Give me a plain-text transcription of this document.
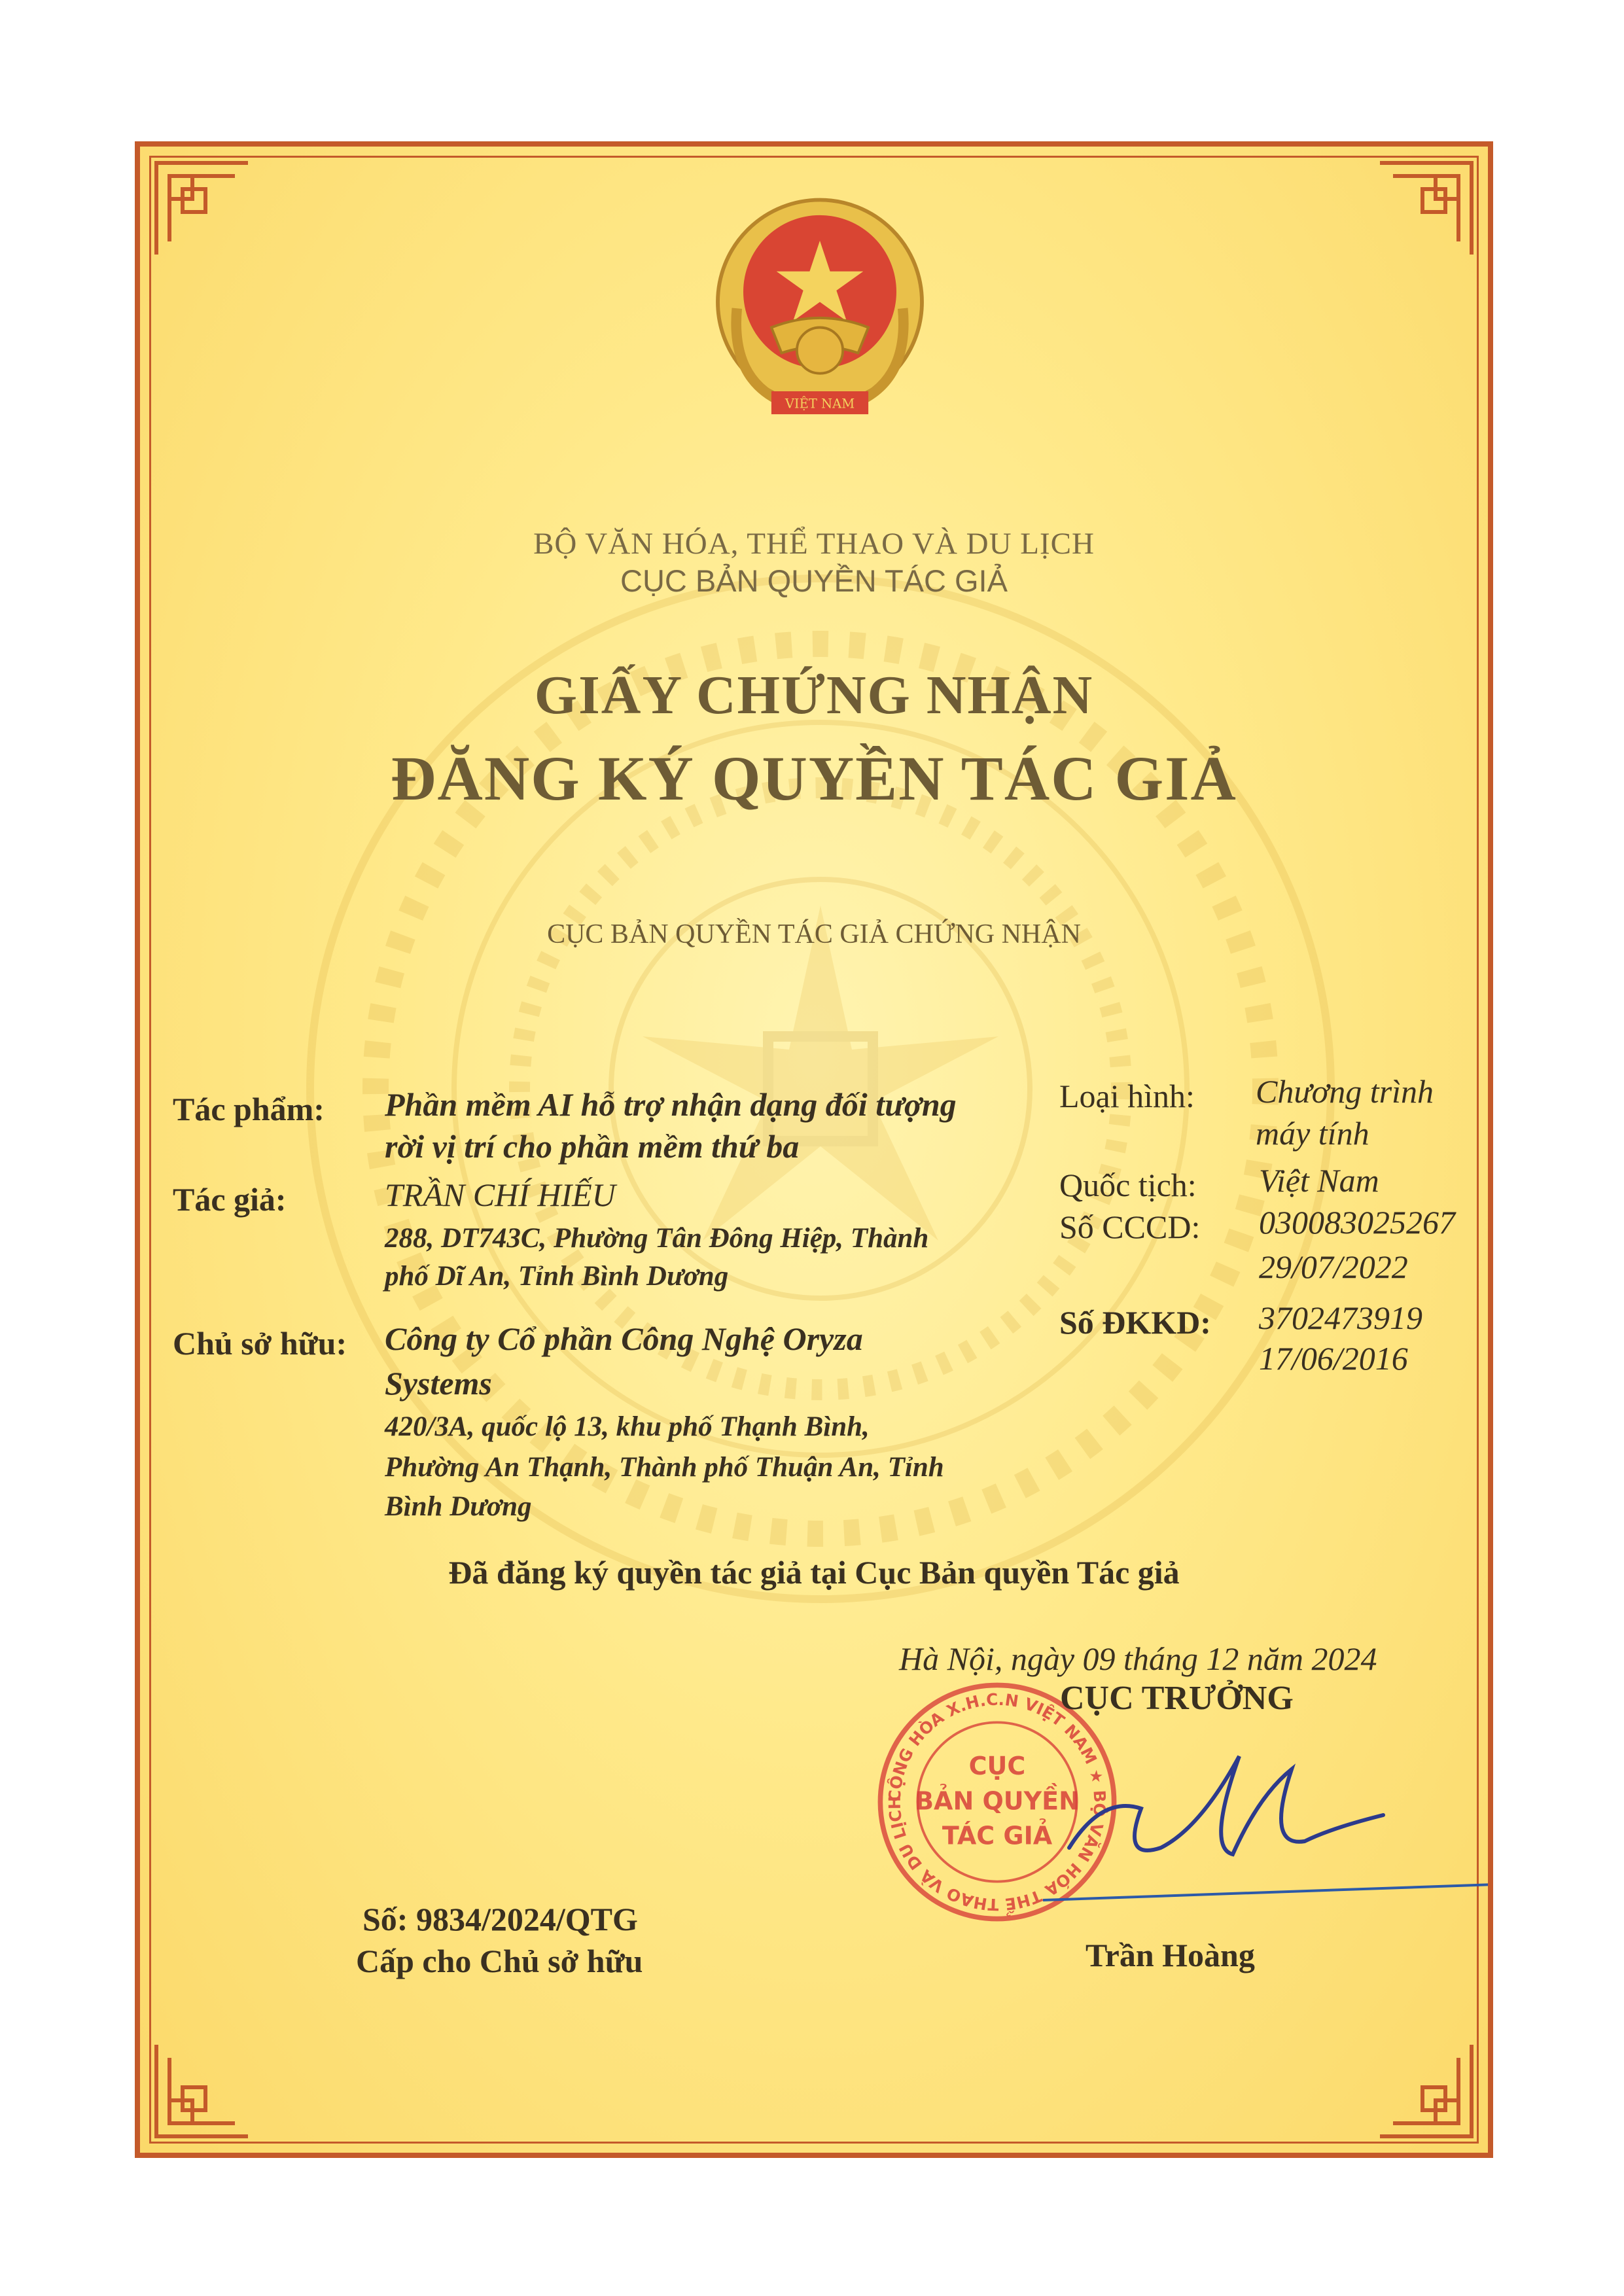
VIỆT NAM
BỘ VĂN HÓA, THỂ THAO VÀ DU LỊCH
CỤC BẢN QUYỀN TÁC GIẢ
GIẤY CHỨNG NHẬN
ĐĂNG KÝ QUYỀN TÁC GIẢ
CỤC BẢN QUYỀN TÁC GIẢ CHỨNG NHẬN
Tác phẩm: Phần mềm AI hỗ trợ nhận dạng đối tượng
rời vị trí cho phần mềm thứ ba
Loại hình: Chương trình
máy tính
Tác giả:	TRẦN CHÍ HIẾU
288, DT743C, Phường Tân Đông Hiệp, Thành
phố Dĩ An, Tỉnh Bình Dương
Quốc tịch: Việt Nam
Số CCCD: 030083025267
29/07/2022
Chủ sở hữu: Công ty Cổ phần Công Nghệ Oryza
Systems
420/3A, quốc lộ 13, khu phố Thạnh Bình,
Phường An Thạnh, Thành phố Thuận An, Tỉnh
Bình Dương
Số ĐKKD: 3702473919
17/06/2016
Đã đăng ký quyền tác giả tại Cục Bản quyền Tác giả
Hà Nội, ngày 09 tháng 12 năm 2024
CỘNG HÒA X.H.C.N VIỆT NAM ★ BỘ VĂN HÓA THỂ THAO VÀ DU LỊCH
CỤC
BẢN QUYỀN
TÁC GIẢ
CỤC TRƯỞNG
Trần Hoàng
Số: 9834/2024/QTG
Cấp cho Chủ sở hữu
